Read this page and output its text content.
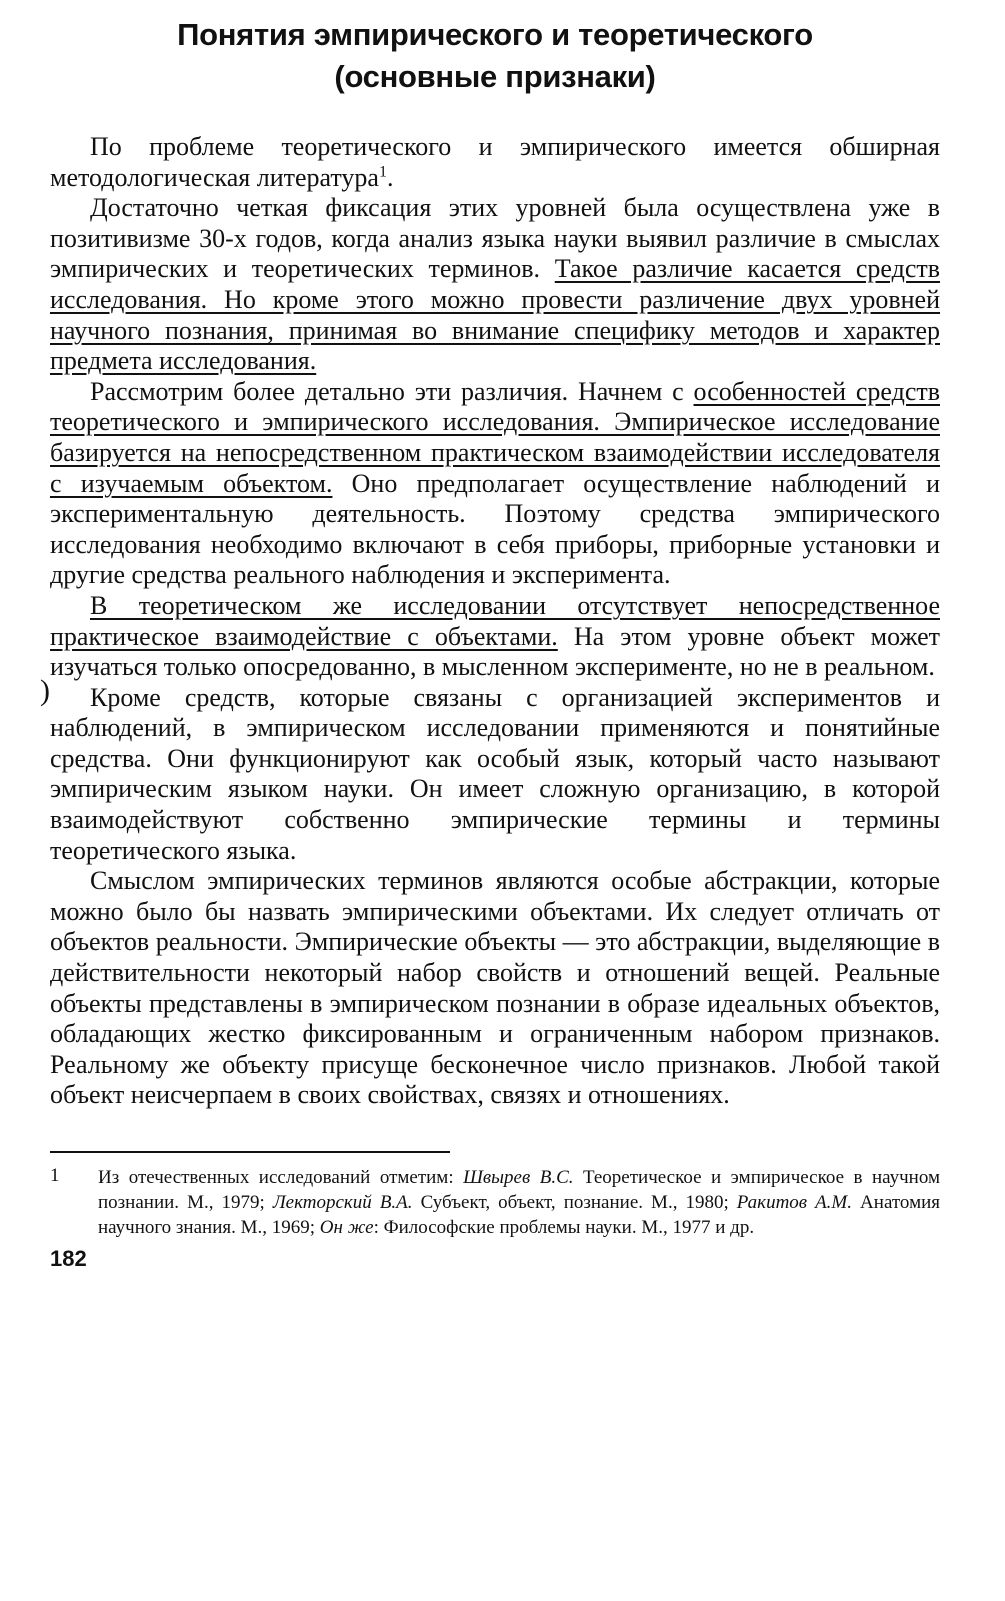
Понятия эмпирического и теоретического
(основные признаки)

По проблеме теоретического и эмпирического имеется обширная методологическая литература$^1$.

Достаточно четкая фиксация этих уровней была осуществлена уже в позитивизме 30-х годов, когда анализ языка науки выявил различие в смыслах эмпирических и теоретических терминов. Такое различие касается средств исследования. Но кроме этого можно провести различение двух уровней научного познания, принимая во внимание специфику методов и характер предмета исследования.

Рассмотрим более детально эти различия. Начнем с особенностей средств теоретического и эмпирического исследования. Эмпирическое исследование базируется на непосредственном практическом взаимодействии исследователя с изучаемым объектом. Оно предполагает осуществление наблюдений и экспериментальную деятельность. Поэтому средства эмпирического исследования необходимо включают в себя приборы, приборные установки и другие средства реального наблюдения и эксперимента.

В теоретическом же исследовании отсутствует непосредственное практическое взаимодействие с объектами. На этом уровне объект может изучаться только опосредованно, в мысленном эксперименте, но не в реальном.

Кроме средств, которые связаны с организацией экспериментов и наблюдений, в эмпирическом исследовании применяются и понятийные средства. Они функционируют как особый язык, который часто называют эмпирическим языком науки. Он имеет сложную организацию, в которой взаимодействуют собственно эмпирические термины и термины теоретического языка.

Смыслом эмпирических терминов являются особые абстракции, которые можно было бы назвать эмпирическими объектами. Их следует отличать от объектов реальности. Эмпирические объекты — это абстракции, выделяющие в действительности некоторый набор свойств и отношений вещей. Реальные объекты представлены в эмпирическом познании в образе идеальных объектов, обладающих жестко фиксированным и ограниченным набором признаков. Реальному же объекту присуще бесконечное число признаков. Любой такой объект неисчерпаем в своих свойствах, связях и отношениях.

1 Из отечественных исследований отметим: Швырев В.С. Теоретическое и эмпирическое в научном познании. М., 1979; Лекторский В.А. Субъект, объект, познание. М., 1980; Ракитов А.М. Анатомия научного знания. М., 1969; Он же: Философские проблемы науки. М., 1977 и др.
182
)
